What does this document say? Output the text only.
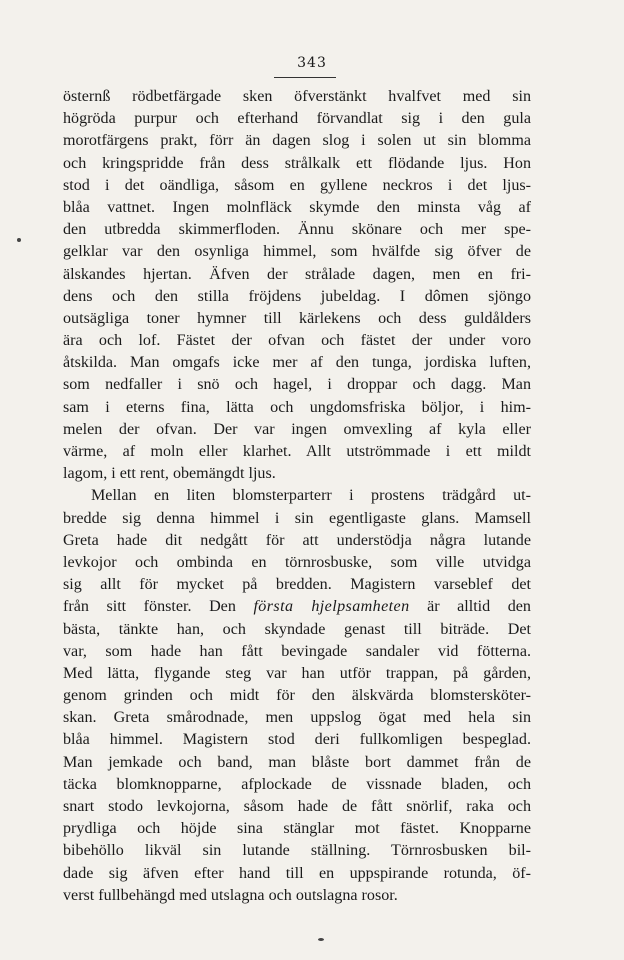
343
östernß rödbetfärgade sken öfverstänkt hvalfvet med sin
högröda purpur och efterhand förvandlat sig i den gula
morotfärgens prakt, förr än dagen slog i solen ut sin blomma
och kringspridde från dess strålkalk ett flödande ljus. Hon
stod i det oändliga, såsom en gyllene neckros i det ljus-
blåa vattnet. Ingen molnfläck skymde den minsta våg af
den utbredda skimmerfloden. Ännu skönare och mer spe-
gelklar var den osynliga himmel, som hvälfde sig öfver de
älskandes hjertan. Äfven der strålade dagen, men en fri-
dens och den stilla fröjdens jubeldag. I dômen sjöngo
outsägliga toner hymner till kärlekens och dess guldålders
ära och lof. Fästet der ofvan och fästet der under voro
åtskilda. Man omgafs icke mer af den tunga, jordiska luften,
som nedfaller i snö och hagel, i droppar och dagg. Man
sam i eterns fina, lätta och ungdomsfriska böljor, i him-
melen der ofvan. Der var ingen omvexling af kyla eller
värme, af moln eller klarhet. Allt utströmmade i ett mildt
lagom, i ett rent, obemängdt ljus.
Mellan en liten blomsterparterr i prostens trädgård ut-
bredde sig denna himmel i sin egentligaste glans. Mamsell
Greta hade dit nedgått för att understödja några lutande
levkojor och ombinda en törnrosbuske, som ville utvidga
sig allt för mycket på bredden. Magistern varseblef det
från sitt fönster. Den första hjelpsamheten är alltid den
bästa, tänkte han, och skyndade genast till biträde. Det
var, som hade han fått bevingade sandaler vid fötterna.
Med lätta, flygande steg var han utför trappan, på gården,
genom grinden och midt för den älskvärda blomstersköter-
skan. Greta smårodnade, men uppslog ögat med hela sin
blåa himmel. Magistern stod deri fullkomligen bespeglad.
Man jemkade och band, man blåste bort dammet från de
täcka blomknopparne, afplockade de vissnade bladen, och
snart stodo levkojorna, såsom hade de fått snörlif, raka och
prydliga och höjde sina stänglar mot fästet. Knopparne
bibehöllo likväl sin lutande ställning. Törnrosbusken bil-
dade sig äfven efter hand till en uppspirande rotunda, öf-
verst fullbehängd med utslagna och outslagna rosor.
